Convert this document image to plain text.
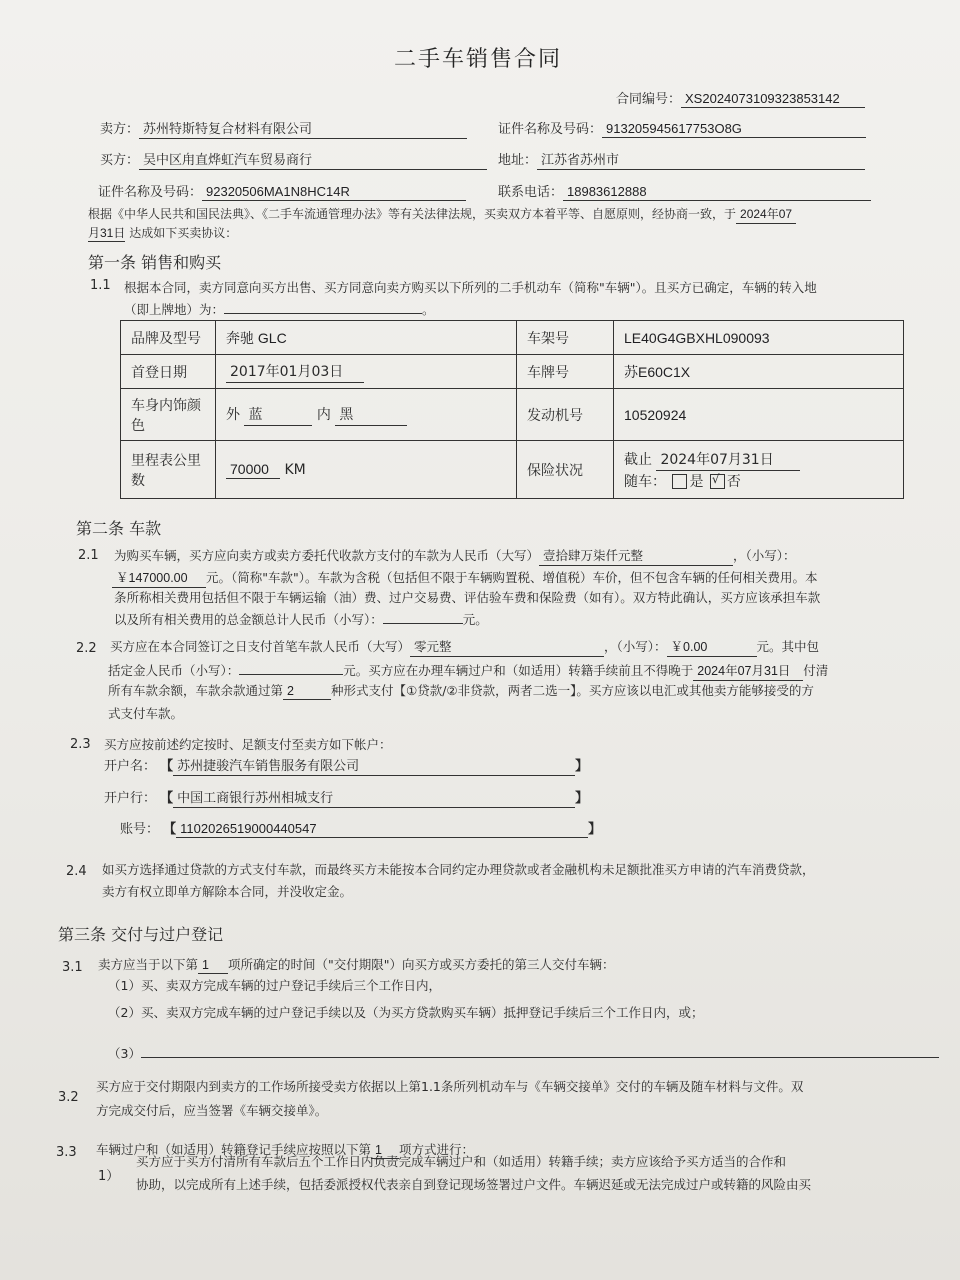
二手车销售合同
合同编号： XS2024073109323853142
卖方： 苏州特斯特复合材料有限公司	证件名称及号码： 913205945617753O8G
买方： 吴中区甪直烨虹汽车贸易商行	地址： 江苏省苏州市
证件名称及号码： 92320506MA1N8HC14R	联系电话： 18983612888
根据《中华人民共和国民法典》、《二手车流通管理办法》等有关法律法规，买卖双方本着平等、自愿原则，经协商一致，于 2024年07
月31日 达成如下买卖协议：
第一条 销售和购买
1.1 根据本合同，卖方同意向买方出售、买方同意向卖方购买以下所列的二手机动车（简称"车辆"）。且买方已确定，车辆的转入地
（即上牌地）为：	。
品牌及型号	奔驰 GLC	车架号	LE40G4GBXHL090093
首登日期	2017年01月03日	车牌号	苏E60C1X
车身内饰颜色	外 蓝 内 黑	发动机号	10520924
里程表公里数	70000 KM	保险状况	截止 2024年07月31日
随车： 是 √ 否
第二条 车款
2.1 为购买车辆，买方应向卖方或卖方委托代收款方支付的车款为人民币（大写） 壹拾肆万柒仟元整	，（小写）：
￥147000.00 元。（简称"车款"）。车款为含税（包括但不限于车辆购置税、增值税）车价，但不包含车辆的任何相关费用。本
条所称相关费用包括但不限于车辆运输（油）费、过户交易费、评估验车费和保险费（如有）。双方特此确认，买方应该承担车款
以及所有相关费用的总金额总计人民币（小写）：	元。
2.2 买方应在本合同签订之日支付首笔车款人民币（大写） 零元整	，（小写）： ￥0.00	元。其中包
括定金人民币（小写）：	元。买方应在办理车辆过户和（如适用）转籍手续前且不得晚于 2024年07月31日 付清
所有车款余额，车款余款通过第 2	种形式支付【①贷款/②非贷款，两者二选一】。买方应该以电汇或其他卖方能够接受的方
式支付车款。
2.3 买方应按前述约定按时、足额支付至卖方如下帐户：
开户名： 【 苏州捷骏汽车销售服务有限公司	】
开户行： 【 中国工商银行苏州相城支行	】
账号： 【 1102026519000440547	】
2.4 如买方选择通过贷款的方式支付车款，而最终买方未能按本合同约定办理贷款或者金融机构未足额批准买方申请的汽车消费贷款，
卖方有权立即单方解除本合同，并没收定金。
第三条 交付与过户登记
3.1 卖方应当于以下第 1 项所确定的时间（"交付期限"）向买方或买方委托的第三人交付车辆：
（1）买、卖双方完成车辆的过户登记手续后三个工作日内，
（2）买、卖双方完成车辆的过户登记手续以及（为买方贷款购买车辆）抵押登记手续后三个工作日内，或；
（3）
3.2
买方应于交付期限内到卖方的工作场所接受卖方依据以上第1.1条所列机动车与《车辆交接单》交付的车辆及随车材料与文件。双
方完成交付后，应当签署《车辆交接单》。
3.3 车辆过户和（如适用）转籍登记手续应按照以下第 1 项方式进行：
1）
买方应于买方付清所有车款后五个工作日内负责完成车辆过户和（如适用）转籍手续；卖方应该给予买方适当的合作和
协助，以完成所有上述手续，包括委派授权代表亲自到登记现场签署过户文件。车辆迟延或无法完成过户或转籍的风险由买
